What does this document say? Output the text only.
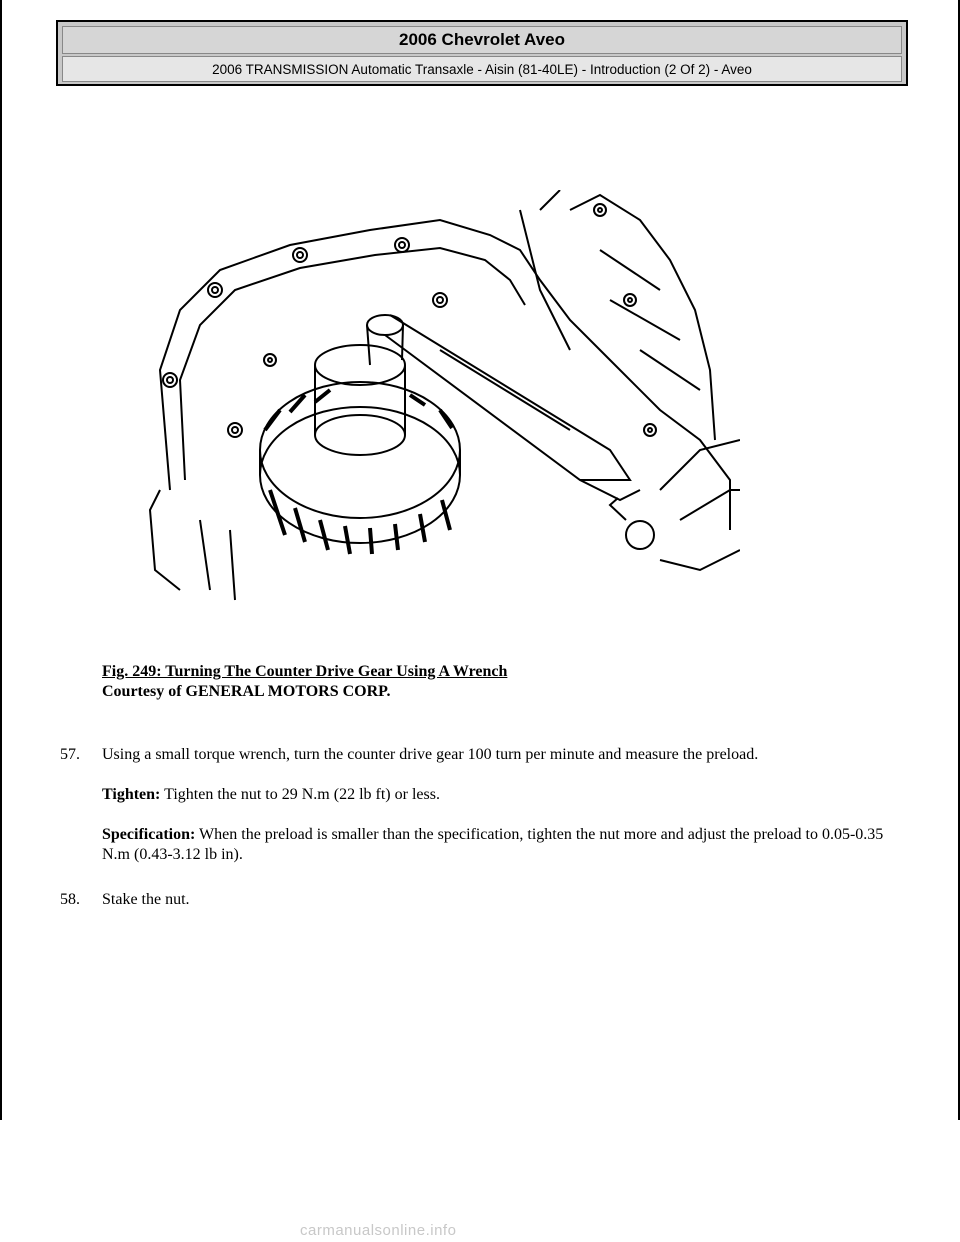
2006 Chevrolet Aveo
2006 TRANSMISSION Automatic Transaxle - Aisin (81-40LE) - Introduction (2 Of 2) - Aveo
Fig. 249: Turning The Counter Drive Gear Using A Wrench
Courtesy of GENERAL MOTORS CORP.
57. Using a small torque wrench, turn the counter drive gear 100 turn per minute and measure the preload.

Tighten: Tighten the nut to 29 N.m (22 lb ft) or less.

Specification: When the preload is smaller than the specification, tighten the nut more and adjust the preload to 0.05-0.35 N.m (0.43-3.12 lb in).

58. Stake the nut.

carmanualsonline.info
